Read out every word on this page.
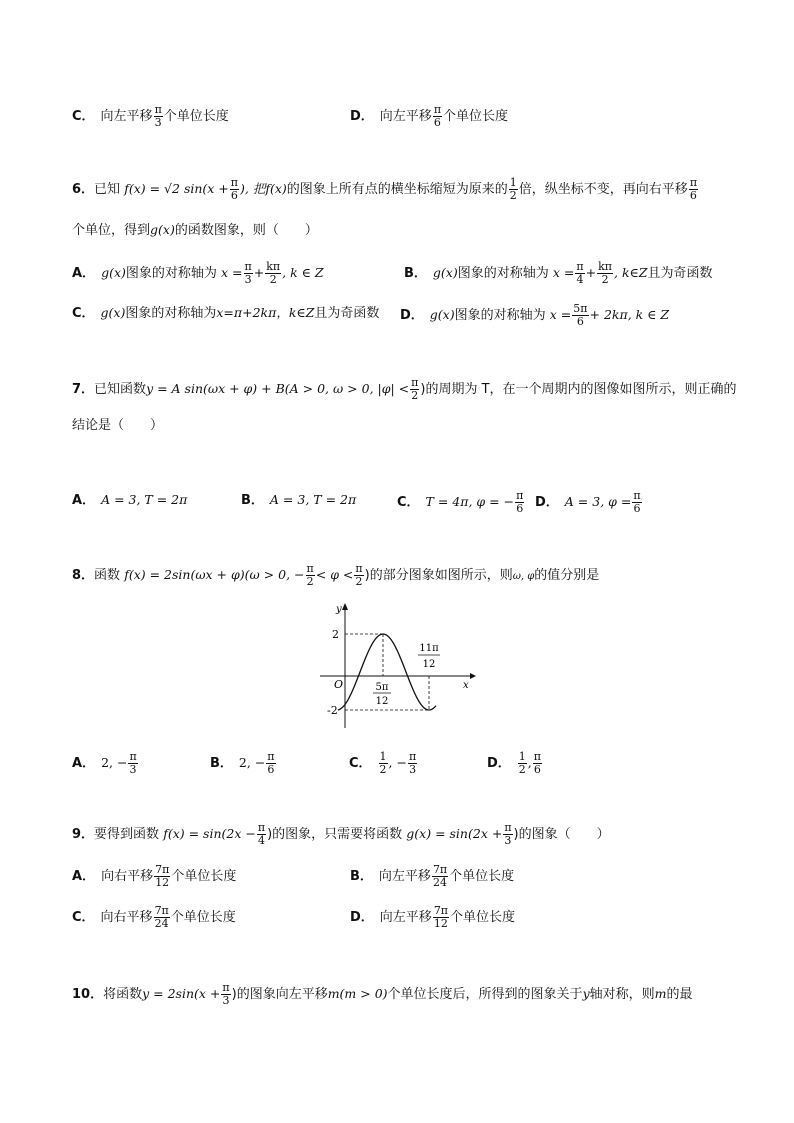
C． 向左平移 $\frac{\pi}{3}$ 个单位长度	D． 向左平移 $\frac{\pi}{6}$ 个单位长度
6．已知 f(x) = √2 $\sin(x + \frac{\pi}{6}$ ), 把f(x)的图象上所有点的横坐标缩短为原来的 $\frac{1}{2}$ 倍，纵坐标不变，再向右平移 $\frac{\pi}{6}$
个单位，得到g(x)的函数图象，则（　　）
A． g(x)图象的对称轴为 $x = \frac{\pi}{3} + \frac{k\pi}{2}$ , k ∈ Z	B． g(x)图象的对称轴为 $x = \frac{\pi}{4} + \frac{k\pi}{2}$ , k∈Z且为奇函数
C． g(x)图象的对称轴为x=π+2kπ，k∈Z且为奇函数 D． g(x)图象的对称轴为 $x = \frac{5\pi}{6} + 2k\pi$, k ∈ Z
7．已知函数y = A sin(ωx + φ) + B(A > 0, ω > 0, $|\varphi| < \frac{\pi}{2}$ )的周期为 T，在一个周期内的图像如图所示，则正确的
结论是（　　）
A． A = 3, T = 2π	B． A = 3, T = 2π	C． T = 4π, φ = − $\frac{\pi}{6}$ D． A = 3, $\varphi = \frac{\pi}{6}$
8．函数 f(x) = 2sin(ωx + φ)(ω > 0, − $\frac{\pi}{2} < \varphi < \frac{\pi}{2}$ )的部分图象如图所示，则ω, φ的值分别是
y
x
O
2
-2
5π
12
11π
12
A． 2, − $\frac{\pi}{3}$	B． 2, − $\frac{\pi}{6}$	C． $\frac{1}{2}$ , − $\frac{\pi}{3}$	D． $\frac{1}{2}$ , $\frac{\pi}{6}$
9．要得到函数 $f(x) = \sin(2x - \frac{\pi}{4}$ )的图象，只需要将函数 $g(x) = \sin(2x + \frac{\pi}{3}$ )的图象（　　）
A． 向右平移 $\frac{7\pi}{12}$ 个单位长度	B． 向左平移 $\frac{7\pi}{24}$ 个单位长度
C． 向右平移 $\frac{7\pi}{24}$ 个单位长度	D． 向左平移 $\frac{7\pi}{12}$ 个单位长度
10．将函数$y = 2\sin(x + \frac{\pi}{3}$ )的图象向左平移m(m > 0)个单位长度后，所得到的图象关于y轴对称，则m的最
